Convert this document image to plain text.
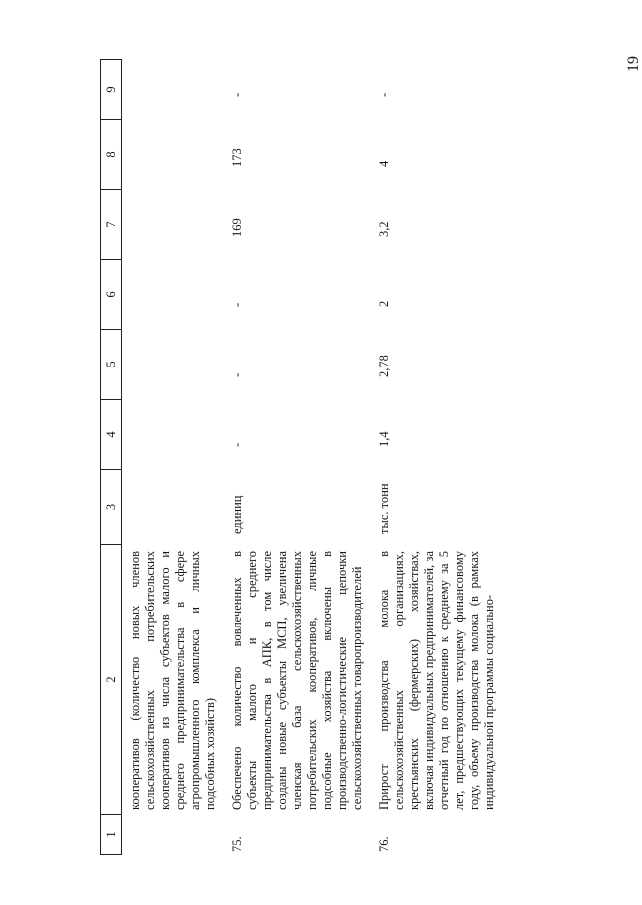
19
1	2	3	4	5	6	7	8	9
	кооперативов (количество новых членов сельскохозяйственных потребительских кооперативов из числа субъектов малого и среднего предпринимательства в сфере агропромышленного комплекса и личных подсобных хозяйств)							
75.	Обеспечено количество вовлеченных в субъекты малого и среднего предпринимательства в АПК, в том числе созданы новые субъекты МСП, увеличена членская база сельскохозяйственных потребительских кооперативов, личные подсобные хозяйства включены в производственно-логистические цепочки сельскохозяйственных товаропроизводителей	единиц	-	-	-	169	173	-
76.	Прирост производства молока в сельскохозяйственных организациях, крестьянских (фермерских) хозяйствах, включая индивидуальных предпринимателей, за отчетный год по отношению к среднему за 5 лет, предшествующих текущему финансовому году, объему производства молока (в рамках индивидуальной программы социально-	тыс. тонн	1,4	2,78	2	3,2	4	-
